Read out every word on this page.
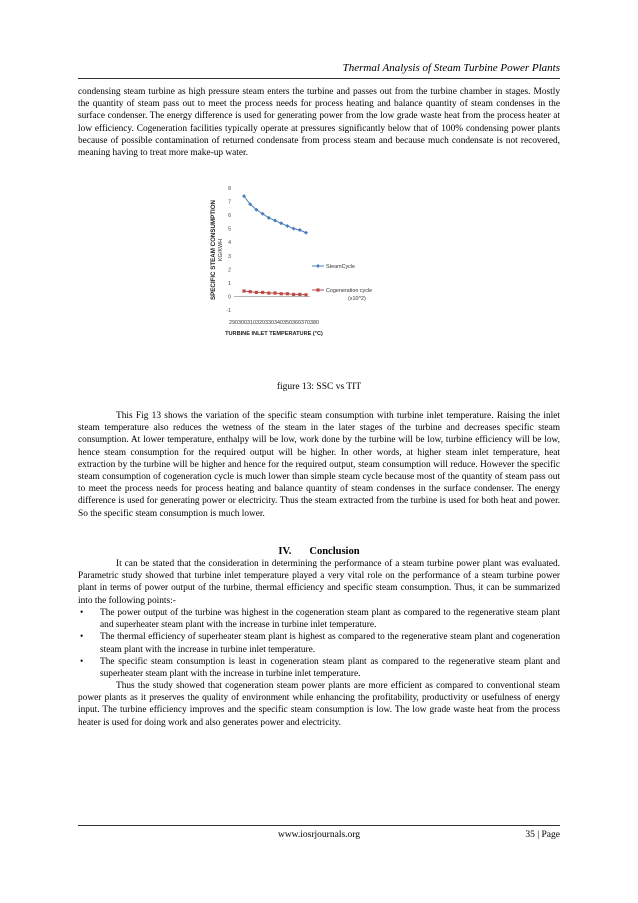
Thermal Analysis of Steam Turbine Power Plants

condensing steam turbine as high pressure steam enters the turbine and passes out from the turbine chamber in stages. Mostly the quantity of steam pass out to meet the process needs for process heating and balance quantity of steam condenses in the surface condenser. The energy difference is used for generating power from the low grade waste heat from the process heater at low efficiency. Cogeneration facilities typically operate at pressures significantly below that of 100% condensing power plants because of possible contamination of returned condensate from process steam and because much condensate is not recovered, meaning having to treat more make-up water.

SPECIFIC STEAM CONSUMPTION KG/KWH
-1
0
1
2
3
4
5
6
7
8
290300310320330340350360370380
TURBINE INLET TEMPERATURE (°C)
SteamCycle
Cogeneration cycle
(x10^2)
figure 13: SSC vs TIT

This Fig 13 shows the variation of the specific steam consumption with turbine inlet temperature. Raising the inlet steam temperature also reduces the wetness of the steam in the later stages of the turbine and decreases specific steam consumption. At lower temperature, enthalpy will be low, work done by the turbine will be low, turbine efficiency will be low, hence steam consumption for the required output will be higher. In other words, at higher steam inlet temperature, heat extraction by the turbine will be higher and hence for the required output, steam consumption will reduce. However the specific steam consumption of cogeneration cycle is much lower than simple steam cycle because most of the quantity of steam pass out to meet the process needs for process heating and balance quantity of steam condenses in the surface condenser. The energy difference is used for generating power or electricity. Thus the steam extracted from the turbine is used for both heat and power. So the specific steam consumption is much lower.

IV. Conclusion

It can be stated that the consideration in determining the performance of a steam turbine power plant was evaluated. Parametric study showed that turbine inlet temperature played a very vital role on the performance of a steam turbine power plant in terms of power output of the turbine, thermal efficiency and specific steam consumption. Thus, it can be summarized into the following points:-

• The power output of the turbine was highest in the cogeneration steam plant as compared to the regenerative steam plant and superheater steam plant with the increase in turbine inlet temperature.
• The thermal efficiency of superheater steam plant is highest as compared to the regenerative steam plant and cogeneration steam plant with the increase in turbine inlet temperature.
• The specific steam consumption is least in cogeneration steam plant as compared to the regenerative steam plant and superheater steam plant with the increase in turbine inlet temperature.

Thus the study showed that cogeneration steam power plants are more efficient as compared to conventional steam power plants as it preserves the quality of environment while enhancing the profitability, productivity or usefulness of energy input. The turbine efficiency improves and the specific steam consumption is low. The low grade waste heat from the process heater is used for doing work and also generates power and electricity.

www.iosrjournals.org	35 | Page
